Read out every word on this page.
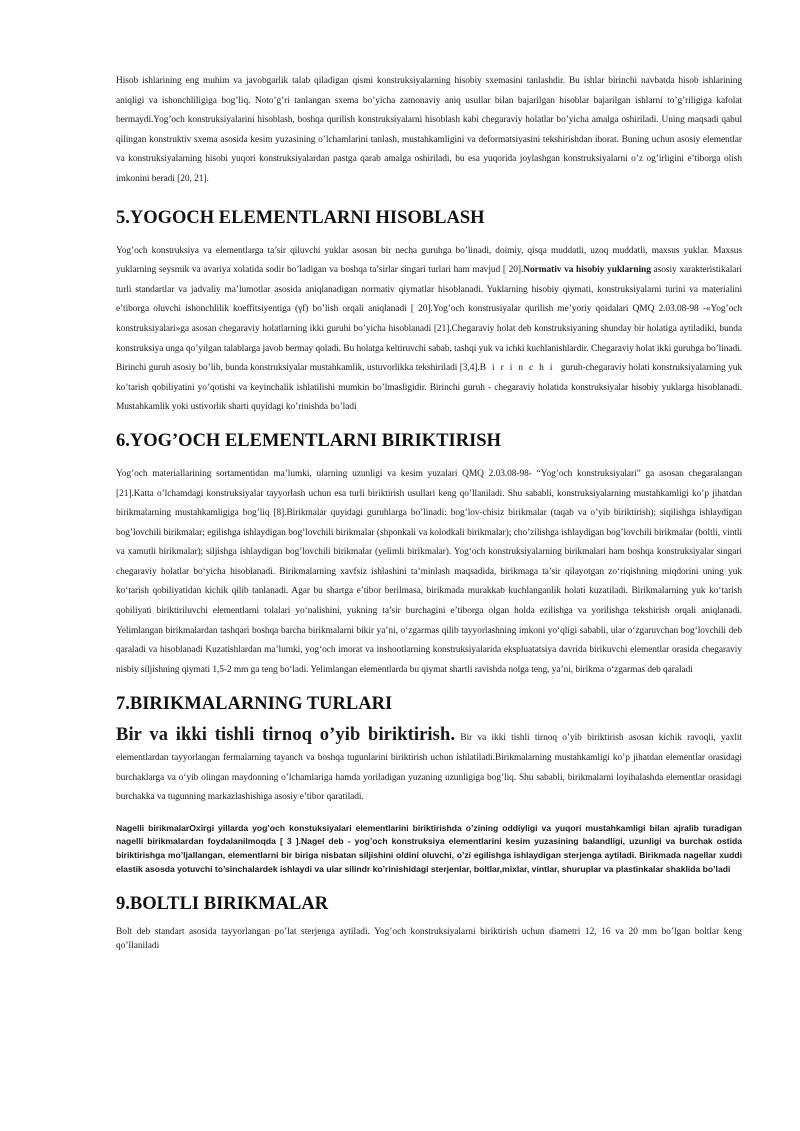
Hisob ishlarining eng muhim va javobgarlik talab qiladigan qismi konstruksiyalarning hisobiy sxemasini tanlashdir. Bu ishlar birinchi navbatda hisob ishlarining aniqligi va ishonchliligiga bog’liq. Noto’g’ri tanlangan sxema bo’yicha zamonaviy aniq usullar bilan bajarilgan hisoblar bajarilgan ishlarni to’g’riligiga kafolat bermaydi.Yog’och konstruksiyalarini hisoblash, boshqa qurilish konstruksiyalarni hisoblash kabi chegaraviy holatlar bo’yicha amalga oshiriladi. Uning maqsadi qabul qilingan konstruktiv sxema asosida kesim yuzasining o’lchamlarini tanlash, mustahkamligini va deformatsiyasini tekshirishdan iborat. Buning uchun asosiy elementlar va konstruksiyalarning hisobi yuqori konstruksiyalardan pastga qarab amalga oshiriladi, bu esa yuqorida joylashgan konstruksiyalarni o’z og’irligini e’tiborga olish imkonini beradi [20, 21].

5.YOGOCH ELEMENTLARNI HISOBLASH

Yog’och konstruksiya va elementlarga ta’sir qiluvchi yuklar asosan bir necha guruhga bo’linadi, doimiy, qisqa muddatli, uzoq muddatli, maxsus yuklar. Maxsus yuklarning seysmik va avariya xolatida sodir bo’ladigan va boshqa ta’sirlar singari turlari ham mavjud [ 20].Normativ va hisobiy yuklarning asosiy xarakteristikalari turli standartlar va jadvaliy ma’lumotlar asosida aniqlanadigan normativ qiymatlar hisoblanadi. Yuklarning hisobiy qiymati, konstruksiyalarni turini va materialini e’tiborga oluvchi ishonchlilik koeffitsiyentiga (γf) bo’lish orqali aniqlanadi [ 20].Yog’och konstrusiyalar qurilish me’yoriy qoidalari QMQ 2.03.08-98 -«Yog’och konstruksiyalari»ga asosan chegaraviy holatlarning ikki guruhi bo’yicha hisoblanadi [21].Chegaraviy holat deb konstruksiyaning shunday bir holatiga aytiladiki, bunda konstruksiya unga qo’yilgan talablarga javob bermay qoladi. Bu holatga keltiruvchi sabab, tashqi yuk va ichki kuchlanishlardir. Chegaraviy holat ikki guruhga bo’linadi. Birinchi guruh asosiy bo’lib, bunda konstruksiyalar mustahkamlik, ustuvorlikka tekshiriladi [3,4].Birinchi guruh-chegaraviy holati konstruksiyalarning yuk ko’tarish qobiliyatini yo’qotishi va keyinchalik ishlatilishi mumkin bo’lmasligidir. Birinchi guruh - chegaraviy holatida konstruksiyalar hisobiy yuklarga hisoblanadi. Mustahkamlik yoki ustivorlik sharti quyidagi ko’rinishda bo’ladi

6.YOG’OCH ELEMENTLARNI BIRIKTIRISH

Yog’och materiallarining sortamentidan ma’lumki, ularning uzunligi va kesim yuzalari QMQ 2.03.08-98- “Yog’och konstruksiyalari” ga asosan chegaralangan [21].Katta o’lchamdagi konstruksiyalar tayyorlash uchun esa turli biriktirish usullari keng qo’llaniladi. Shu sababli, konstruksiyalarning mustahkamligi ko’p jihatdan birikmalarning mustahkamligiga bog’liq [8].Birikmalar quyidagi guruhlarga bo’linadi: bog’lov-chisiz birikmalar (taqab va o’yib biriktirish); siqilishga ishlaydigan bog’lovchili birikmalar; egilishga ishlaydigan bog’lovchili birikmalar (shponkali va kolodkali birikmalar); cho’zilishga ishlaydigan bog’lovchili birikmalar (boltli, vintli va xamutli birikmalar); siljishga ishlaydigan bog’lovchili birikmalar (yelimli birikmalar). Yog‘och konstruksiyalarning birikmalari ham boshqa konstruksiyalar singari chegaraviy holatlar bo‘yicha hisoblanadi. Birikmalarning xavfsiz ishlashini ta’minlash maqsadida, birikmaga ta’sir qilayotgan zo‘riqishning miqdorini uning yuk ko‘tarish qobiliyatidan kichik qilib tanlanadi. Agar bu shartga e’tibor berilmasa, birikmada murakkab kuchlanganlik holati kuzatiladi. Birikmalarning yuk ko‘tarish qobiliyati biriktiriluvchi elementlarni tolalari yo‘nalishini, yukning ta’sir burchagini e’tiborga olgan holda ezilishga va yorilishga tekshirish orqali aniqlanadi. Yelimlangan birikmalardan tashqari boshqa barcha birikmalarni bikir ya’ni, o‘zgarmas qilib tayyorlashning imkoni yo‘qligi sababli, ular o‘zgaruvchan bog‘lovchili deb qaraladi va hisoblanadi Kuzatishlardan ma’lumki, yog‘och imorat va inshootlarning konstruksiyalarida ekspluatatsiya davrida birikuvchi elementlar orasida chegaraviy nisbiy siljishning qiymati 1,5-2 mm ga teng bo‘ladi. Yelimlangan elementlarda bu qiymat shartli ravishda nolga teng, ya’ni, birikma o‘zgarmas deb qaraladi

7.BIRIKMALARNING TURLARI

Bir va ikki tishli tirnoq o’yib biriktirish. Bir va ikki tishli tirnoq o’yib biriktirish asosan kichik ravoqli, yaxlit elementlardan tayyorlangan fermalarning tayanch va boshqa tugunlarini biriktirish uchun ishlatiladi.Birikmalarning mustahkamligi ko’p jihatdan elementlar orasidagi burchaklarga va o‘yib olingan maydonning o’lchamlariga hamda yoriladigan yuzaning uzunligiga bog’liq. Shu sababli, birikmalarni loyihalashda elementlar orasidagi burchakka va tugunning markazlashishiga asosiy e’tibor qaratiladi.

Nagelli birikmalarOxirgi yillarda yog’och konstuksiyalari elementlarini biriktirishda o’zining oddiyligi va yuqori mustahkamligi bilan ajralib turadigan nagelli birikmalardan foydalanilmoqda [ 3 ].Nagel deb - yog’och konstruksiya elementlarini kesim yuzasining balandligi, uzunligi va burchak ostida biriktirishga mo’ljallangan, elementlarni bir biriga nisbatan siljishini oldini oluvchi, o’zi egilishga ishlaydigan sterjenga aytiladi. Birikmada nagellar xuddi elastik asosda yotuvchi to’sinchalardek ishlaydi va ular silindr ko’rinishidagi sterjenlar, boltlar,mixlar, vintlar, shuruplar va plastinkalar shaklida bo’ladi

9.BOLTLI BIRIKMALAR

Bolt deb standart asosida tayyorlangan po’lat sterjenga aytiladi. Yog’och konstruksiyalarni biriktirish uchun diametri 12, 16 va 20 mm bo’lgan boltlar keng qo’llaniladi
